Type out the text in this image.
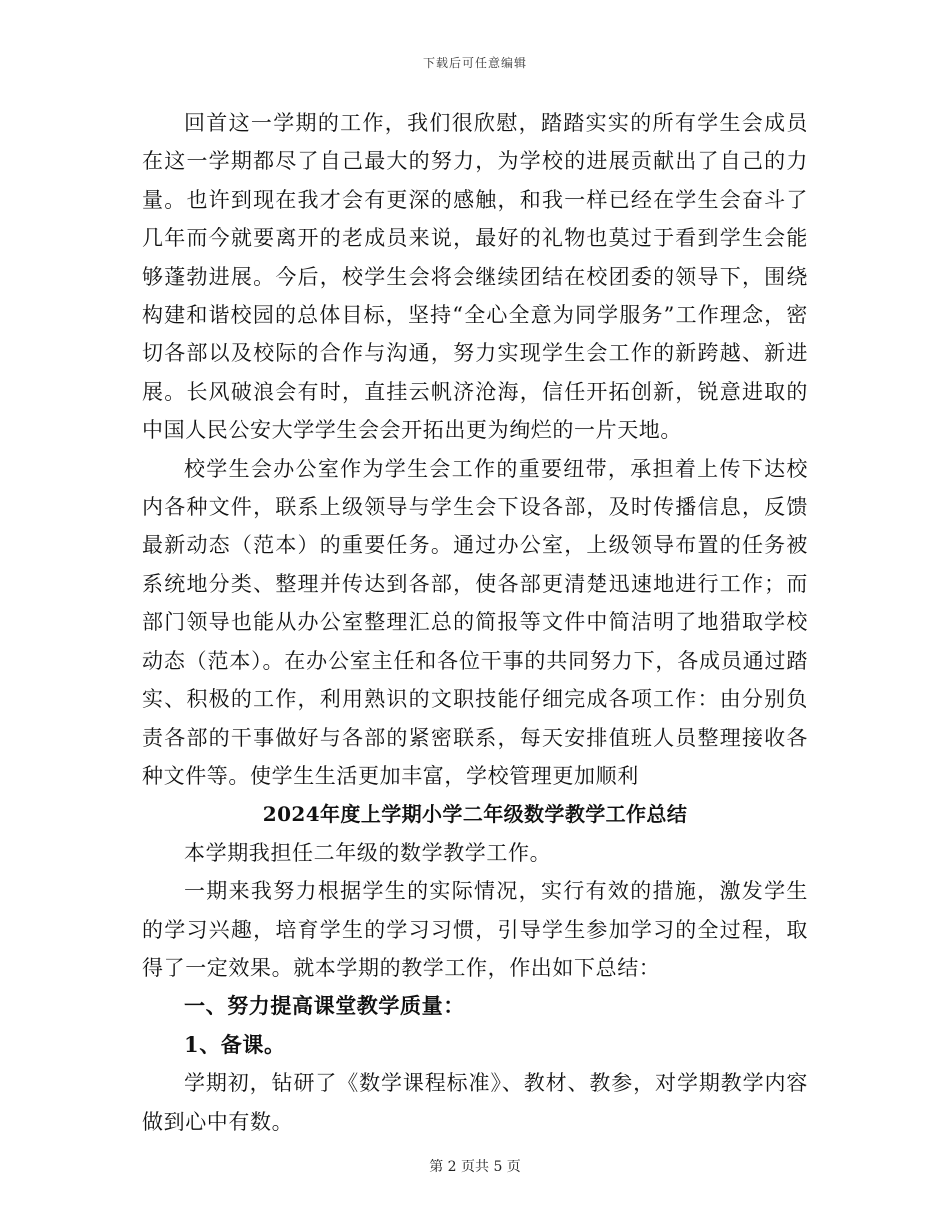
下载后可任意编辑

回首这一学期的工作，我们很欣慰，踏踏实实的所有学生会成员在这一学期都尽了自己最大的努力，为学校的进展贡献出了自己的力量。也许到现在我才会有更深的感触，和我一样已经在学生会奋斗了几年而今就要离开的老成员来说，最好的礼物也莫过于看到学生会能够蓬勃进展。今后，校学生会将会继续团结在校团委的领导下，围绕构建和谐校园的总体目标，坚持“全心全意为同学服务”工作理念，密切各部以及校际的合作与沟通，努力实现学生会工作的新跨越、新进展。长风破浪会有时，直挂云帆济沧海，信任开拓创新，锐意进取的中国人民公安大学学生会会开拓出更为绚烂的一片天地。

校学生会办公室作为学生会工作的重要纽带，承担着上传下达校内各种文件，联系上级领导与学生会下设各部，及时传播信息，反馈最新动态（范本）的重要任务。通过办公室，上级领导布置的任务被系统地分类、整理并传达到各部，使各部更清楚迅速地进行工作；而部门领导也能从办公室整理汇总的简报等文件中简洁明了地猎取学校动态（范本）。在办公室主任和各位干事的共同努力下，各成员通过踏实、积极的工作，利用熟识的文职技能仔细完成各项工作：由分别负责各部的干事做好与各部的紧密联系，每天安排值班人员整理接收各种文件等。使学生生活更加丰富，学校管理更加顺利

2024年度上学期小学二年级数学教学工作总结

本学期我担任二年级的数学教学工作。

一期来我努力根据学生的实际情况，实行有效的措施，激发学生的学习兴趣，培育学生的学习习惯，引导学生参加学习的全过程，取得了一定效果。就本学期的教学工作，作出如下总结：

一、努力提高课堂教学质量：

1、备课。

学期初，钻研了《数学课程标准》、教材、教参，对学期教学内容做到心中有数。

第 2 页共 5 页
